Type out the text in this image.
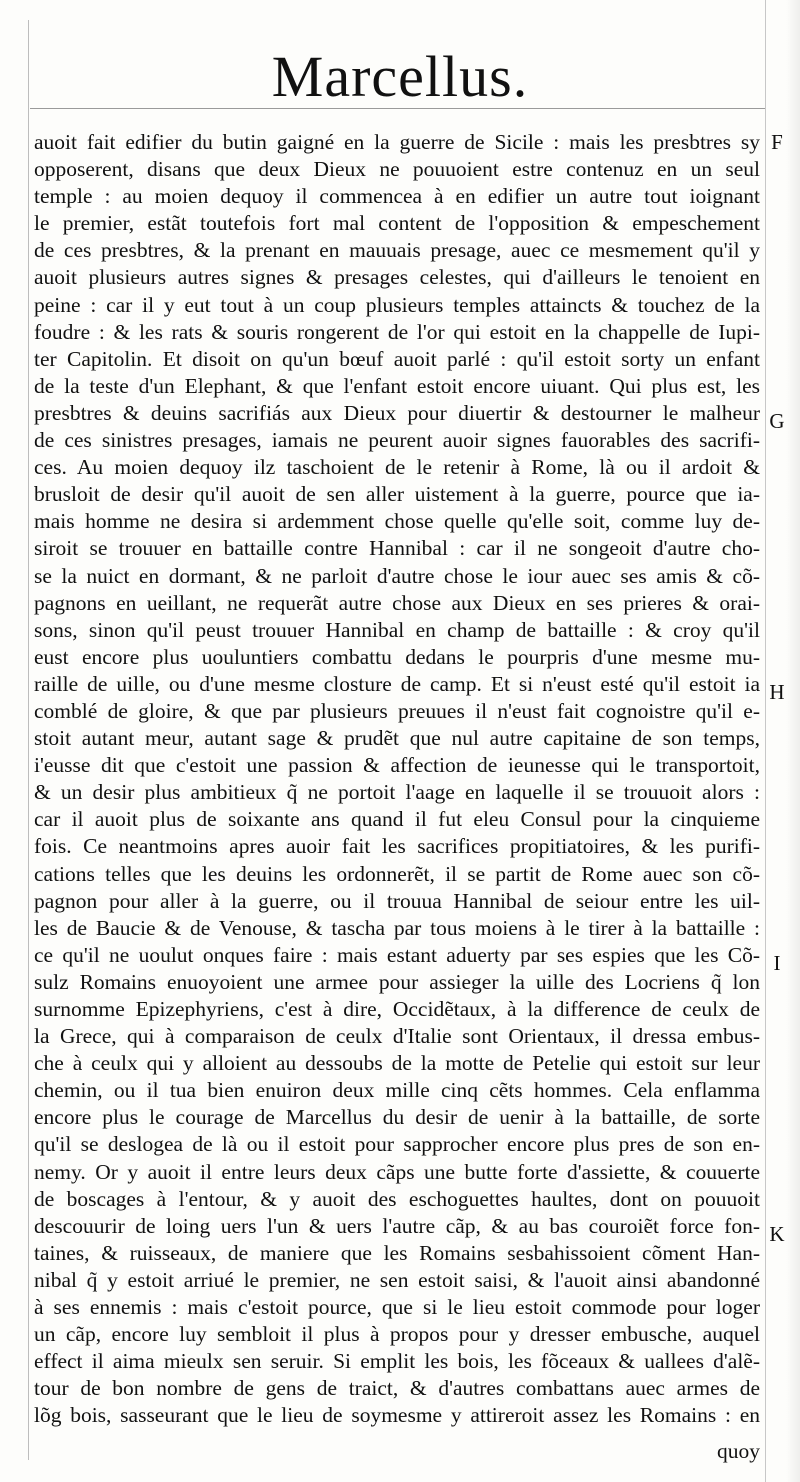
Marcellus.
auoit fait edifier du butin gaigné en la guerre de Sicile : mais les presbtres sy
opposerent, disans que deux Dieux ne pouuoient estre contenuz en un seul
temple : au moien dequoy il commencea à en edifier un autre tout ioignant
le premier, estãt toutefois fort mal content de l'opposition & empeschement
de ces presbtres, & la prenant en mauuais presage, auec ce mesmement qu'il y
auoit plusieurs autres signes & presages celestes, qui d'ailleurs le tenoient en
peine : car il y eut tout à un coup plusieurs temples attaincts & touchez de la
foudre : & les rats & souris rongerent de l'or qui estoit en la chappelle de Iupi-
ter Capitolin. Et disoit on qu'un bœuf auoit parlé : qu'il estoit sorty un enfant
de la teste d'un Elephant, & que l'enfant estoit encore uiuant. Qui plus est, les
presbtres & deuins sacrifiás aux Dieux pour diuertir & destourner le malheur
de ces sinistres presages, iamais ne peurent auoir signes fauorables des sacrifi-
ces. Au moien dequoy ilz taschoient de le retenir à Rome, là ou il ardoit &
brusloit de desir qu'il auoit de sen aller uistement à la guerre, pource que ia-
mais homme ne desira si ardemment chose quelle qu'elle soit, comme luy de-
siroit se trouuer en battaille contre Hannibal : car il ne songeoit d'autre cho-
se la nuict en dormant, & ne parloit d'autre chose le iour auec ses amis & cõ-
pagnons en ueillant, ne requerãt autre chose aux Dieux en ses prieres & orai-
sons, sinon qu'il peust trouuer Hannibal en champ de battaille : & croy qu'il
eust encore plus uouluntiers combattu dedans le pourpris d'une mesme mu-
raille de uille, ou d'une mesme closture de camp. Et si n'eust esté qu'il estoit ia
comblé de gloire, & que par plusieurs preuues il n'eust fait cognoistre qu'il e-
stoit autant meur, autant sage & prudẽt que nul autre capitaine de son temps,
i'eusse dit que c'estoit une passion & affection de ieunesse qui le transportoit,
& un desir plus ambitieux q̃ ne portoit l'aage en laquelle il se trouuoit alors :
car il auoit plus de soixante ans quand il fut eleu Consul pour la cinquieme
fois. Ce neantmoins apres auoir fait les sacrifices propitiatoires, & les purifi-
cations telles que les deuins les ordonnerẽt, il se partit de Rome auec son cõ-
pagnon pour aller à la guerre, ou il trouua Hannibal de seiour entre les uil-
les de Baucie & de Venouse, & tascha par tous moiens à le tirer à la battaille :
ce qu'il ne uoulut onques faire : mais estant aduerty par ses espies que les Cõ-
sulz Romains enuoyoient une armee pour assieger la uille des Locriens q̃ lon
surnomme Epizephyriens, c'est à dire, Occidẽtaux, à la difference de ceulx de
la Grece, qui à comparaison de ceulx d'Italie sont Orientaux, il dressa embus-
che à ceulx qui y alloient au dessoubs de la motte de Petelie qui estoit sur leur
chemin, ou il tua bien enuiron deux mille cinq cẽts hommes. Cela enflamma
encore plus le courage de Marcellus du desir de uenir à la battaille, de sorte
qu'il se deslogea de là ou il estoit pour sapprocher encore plus pres de son en-
nemy. Or y auoit il entre leurs deux cãps une butte forte d'assiette, & couuerte
de boscages à l'entour, & y auoit des eschoguettes haultes, dont on pouuoit
descouurir de loing uers l'un & uers l'autre cãp, & au bas couroiẽt force fon-
taines, & ruisseaux, de maniere que les Romains sesbahissoient cõment Han-
nibal q̃ y estoit arriué le premier, ne sen estoit saisi, & l'auoit ainsi abandonné
à ses ennemis : mais c'estoit pource, que si le lieu estoit commode pour loger
un cãp, encore luy sembloit il plus à propos pour y dresser embusche, auquel
effect il aima mieulx sen seruir. Si emplit les bois, les fõceaux & uallees d'alẽ-
tour de bon nombre de gens de traict, & d'autres combattans auec armes de
lõg bois, sasseurant que le lieu de soymesme y attireroit assez les Romains : en
F
G
H
I
K
quoy
